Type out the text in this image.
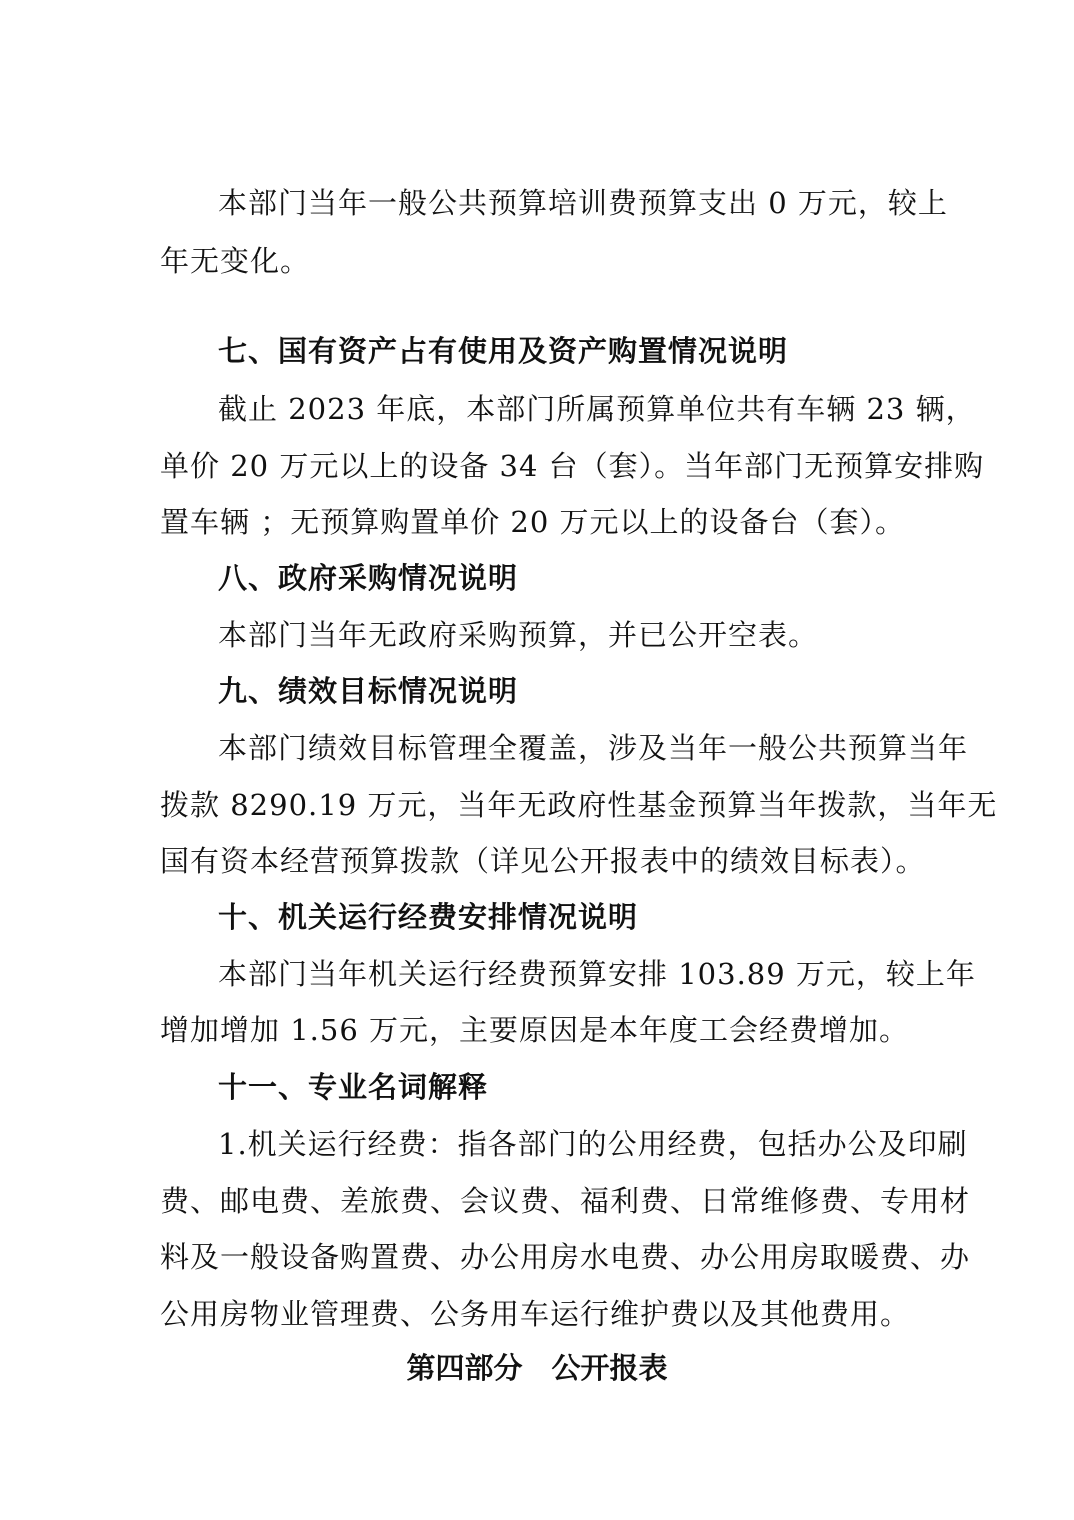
本部门当年一般公共预算培训费预算支出 0 万元，较上
年无变化。
七、国有资产占有使用及资产购置情况说明
截止 2023 年底，本部门所属预算单位共有车辆 23 辆，
单价 20 万元以上的设备 34 台（套）。当年部门无预算安排购
置车辆 ；无预算购置单价 20 万元以上的设备台（套）。
八、政府采购情况说明
本部门当年无政府采购预算，并已公开空表。
九、绩效目标情况说明
本部门绩效目标管理全覆盖，涉及当年一般公共预算当年
拨款 8290.19 万元，当年无政府性基金预算当年拨款，当年无
国有资本经营预算拨款（详见公开报表中的绩效目标表）。
十、机关运行经费安排情况说明
本部门当年机关运行经费预算安排 103.89 万元，较上年
增加增加 1.56 万元，主要原因是本年度工会经费增加。
十一、专业名词解释
1.机关运行经费：指各部门的公用经费，包括办公及印刷
费、邮电费、差旅费、会议费、福利费、日常维修费、专用材
料及一般设备购置费、办公用房水电费、办公用房取暖费、办
公用房物业管理费、公务用车运行维护费以及其他费用。
第四部分　公开报表
